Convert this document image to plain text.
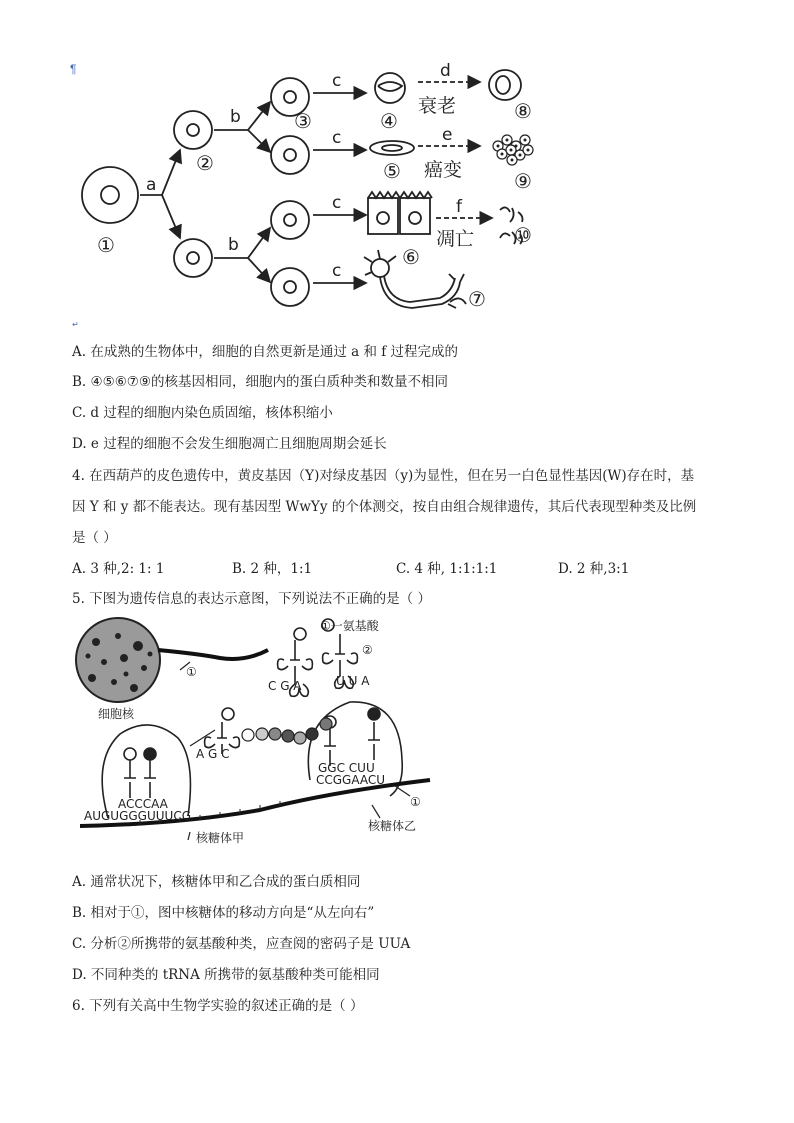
¶
a
b
b
c
c
c
c
d
e
f
①
②
③	④
⑤
⑥
⑦
⑧
⑨
⑩
衰老
癌变
凋亡
↵
A. 在成熟的生物体中，细胞的自然更新是通过 a 和 f 过程完成的
B. ④⑤⑥⑦⑨的核基因相同，细胞内的蛋白质种类和数量不相同
C. d 过程的细胞内染色质固缩，核体积缩小
D. e 过程的细胞不会发生细胞凋亡且细胞周期会延长
4. 在西葫芦的皮色遗传中，黄皮基因（Y)对绿皮基因（y)为显性，但在另一白色显性基因(W)存在时，基
因 Y 和 y 都不能表达。现有基因型 WwYy 的个体测交，按自由组合规律遗传，其后代表现型种类及比例
是（ ）
A. 3 种,2: 1: 1	B. 2 种，1:1	C. 4 种, 1:1:1:1	D. 2 种,3:1
5. 下图为遗传信息的表达示意图，下列说法不正确的是（ ）
①一氨基酸
②
①
细胞核
C G A	U U A
A G C
ACCCAA
AUGUGGGUUUCG
GGC CUU
CCGGAACU
①
核糖体甲
核糖体乙
A. 通常状况下，核糖体甲和乙合成的蛋白质相同
B. 相对于①，图中核糖体的移动方向是“从左向右”
C. 分析②所携带的氨基酸种类，应查阅的密码子是 UUA
D. 不同种类的 tRNA 所携带的氨基酸种类可能相同
6. 下列有关高中生物学实验的叙述正确的是（ ）
